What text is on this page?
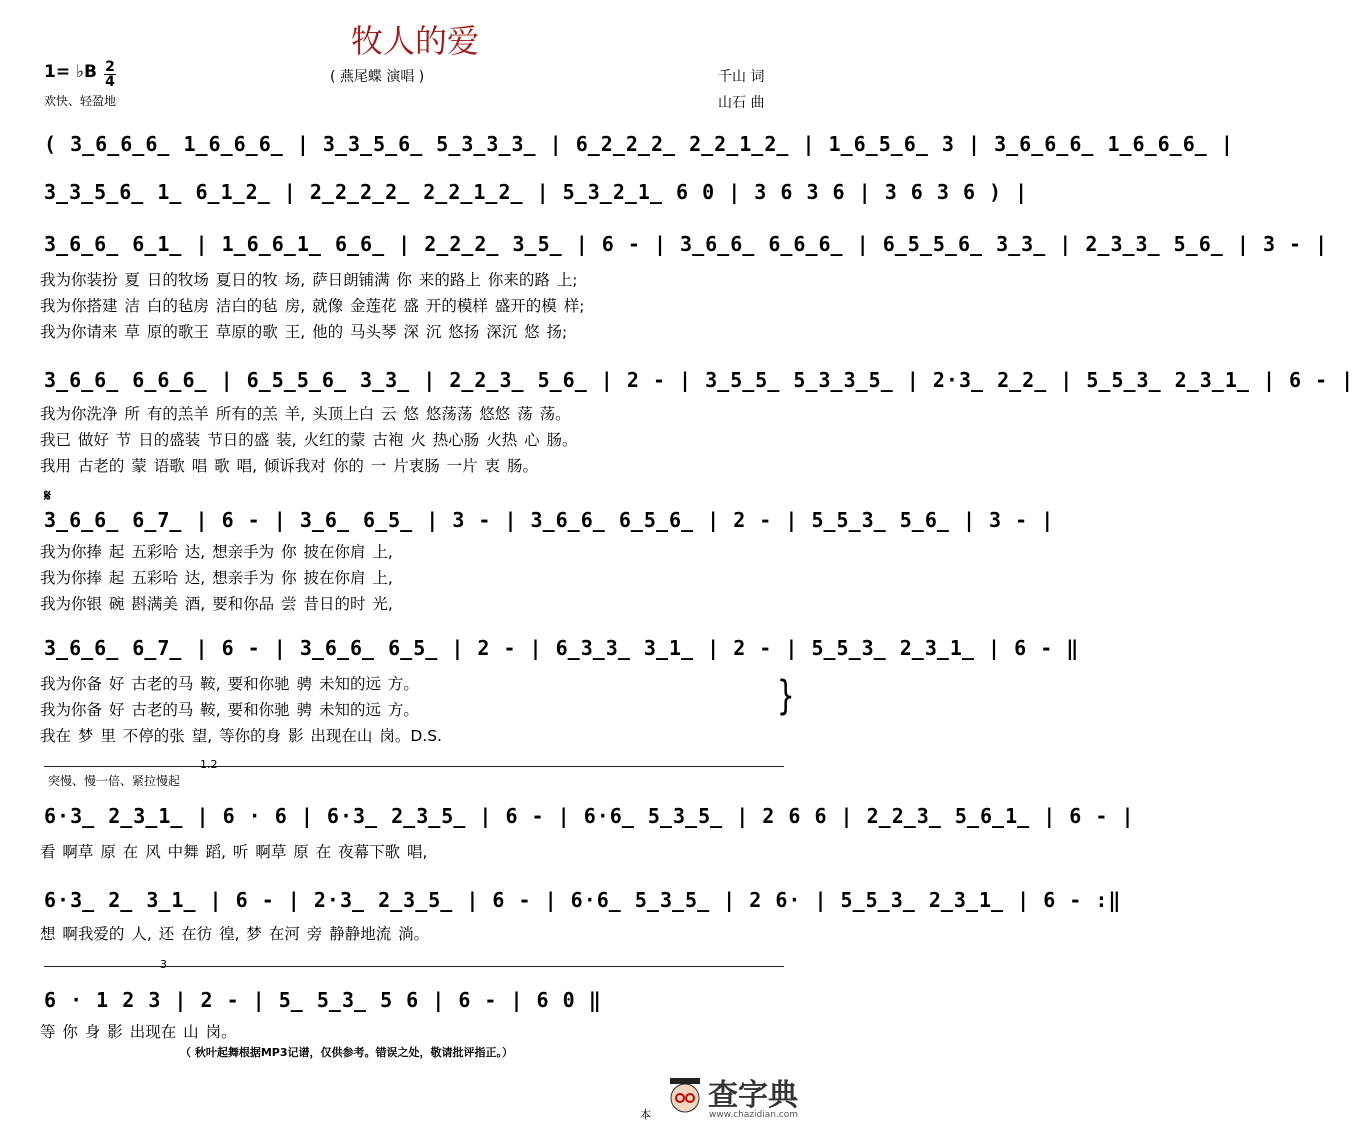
牧人的爱
1= ♭B 2
4
欢快、轻盈地
( 燕尾蝶 演唱 )	千山 词
山石 曲
( 3̲6̲6̲6̲ 1̲6̲6̲6̲ | 3̲3̲5̲6̲ 5̲3̲3̲3̲ | 6̲2̲2̲2̲ 2̲2̲1̲2̲ | 1̲6̲5̲6̲ 3 | 3̲6̲6̲6̲ 1̲6̲6̲6̲ |
3̲3̲5̲6̲ 1̲ 6̲1̲2̲ | 2̲2̲2̲2̲ 2̲2̲1̲2̲ | 5̲3̲2̲1̲ 6 0 | 3 6 3 6 | 3 6 3 6 ) |
3̲6̲6̲ 6̲1̲ | 1̲6̲6̲1̲ 6̲6̲ | 2̲2̲2̲ 3̲5̲ | 6 - | 3̲6̲6̲ 6̲6̲6̲ | 6̲5̲5̲6̲ 3̲3̲ | 2̲3̲3̲ 5̲6̲ | 3 - |
我为你装扮 夏 日的牧场 夏日的牧 场, 萨日朗铺满 你 来的路上 你来的路 上;
我为你搭建 洁 白的毡房 洁白的毡 房, 就像 金莲花 盛 开的模样 盛开的模 样;
我为你请来 草 原的歌王 草原的歌 王, 他的 马头琴 深 沉 悠扬 深沉 悠 扬;
3̲6̲6̲ 6̲6̲6̲ | 6̲5̲5̲6̲ 3̲3̲ | 2̲2̲3̲ 5̲6̲ | 2 - | 3̲5̲5̲ 5̲3̲3̲5̲ | 2·3̲ 2̲2̲ | 5̲5̲3̲ 2̲3̲1̲ | 6 - |
我为你洗净 所 有的羔羊 所有的羔 羊, 头顶上白 云 悠 悠荡荡 悠悠 荡 荡。
我已 做好 节 日的盛装 节日的盛 装, 火红的蒙 古袍 火 热心肠 火热 心 肠。
我用 古老的 蒙 语歌 唱 歌 唱, 倾诉我对 你的 一 片衷肠 一片 衷 肠。
𝄋
3̲6̲6̲ 6̲7̲ | 6 - | 3̲6̲ 6̲5̲ | 3 - | 3̲6̲6̲ 6̲5̲6̲ | 2 - | 5̲5̲3̲ 5̲6̲ | 3 - |
我为你捧 起 五彩哈 达, 想亲手为 你 披在你肩 上,
我为你捧 起 五彩哈 达, 想亲手为 你 披在你肩 上,
我为你银 碗 斟满美 酒, 要和你品 尝 昔日的时 光,
3̲6̲6̲ 6̲7̲ | 6 - | 3̲6̲6̲ 6̲5̲ | 2 - | 6̲3̲3̲ 3̲1̲ | 2 - | 5̲5̲3̲ 2̲3̲1̲ | 6 - ‖
我为你备 好 古老的马 鞍, 要和你驰 骋 未知的远 方。
我为你备 好 古老的马 鞍, 要和你驰 骋 未知的远 方。
我在 梦 里 不停的张 望, 等你的身 影 出现在山 岗。D.S.
}
1.2
突慢、慢一倍、紧拉慢起
6·3̲ 2̲3̲1̲ | 6 · 6 | 6·3̲ 2̲3̲5̲ | 6 - | 6·6̲ 5̲3̲5̲ | 2 6 6 | 2̲2̲3̲ 5̲6̲1̲ | 6 - |
看 啊草 原 在 风 中舞 蹈, 听 啊草 原 在 夜幕下歌 唱,
6·3̲ 2̲ 3̲1̲ | 6 - | 2·3̲ 2̲3̲5̲ | 6 - | 6·6̲ 5̲3̲5̲ | 2 6· | 5̲5̲3̲ 2̲3̲1̲ | 6 - :‖
想 啊我爱的 人, 还 在彷 徨, 梦 在河 旁 静静地流 淌。
3
6 · 1 2 3 | 2 - | 5̲ 5̲3̲ 5 6 | 6 - | 6 0 ‖
等 你 身 影 出现在 山 岗。
（ 秋叶起舞根据MP3记谱，仅供参考。错误之处，敬请批评指正。）
本
查字典
www.chazidian.com
